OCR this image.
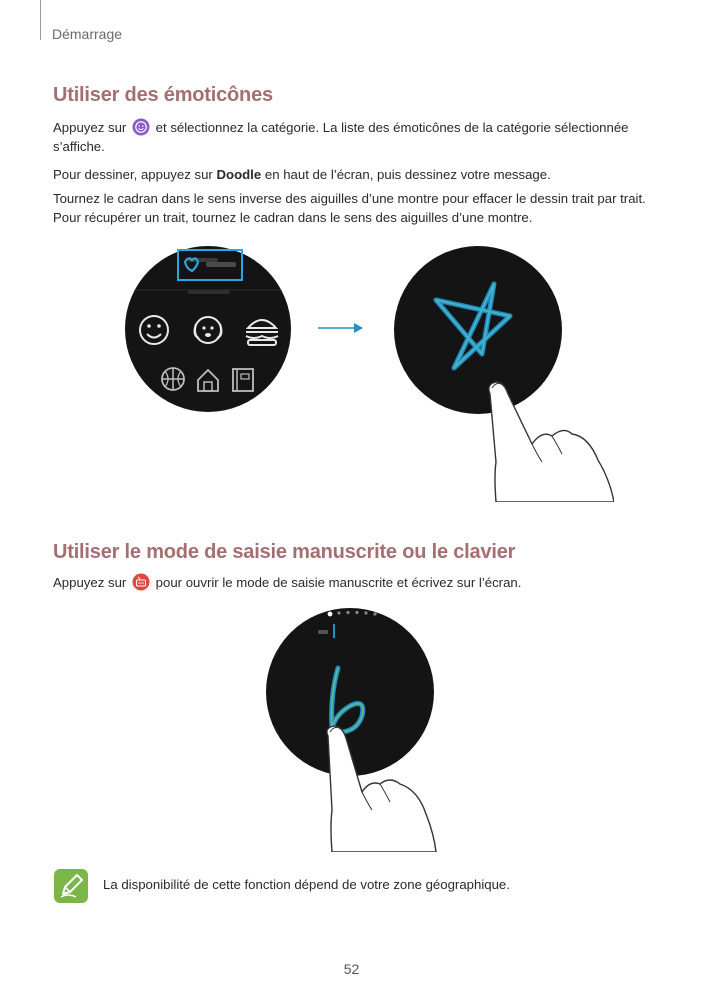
Démarrage
Utiliser des émoticônes
Appuyez sur et sélectionnez la catégorie. La liste des émoticônes de la catégorie sélectionnée s’affiche.
Pour dessiner, appuyez sur Doodle en haut de l’écran, puis dessinez votre message.
Tournez le cadran dans le sens inverse des aiguilles d’une montre pour effacer le dessin trait par trait. Pour récupérer un trait, tournez le cadran dans le sens des aiguilles d’une montre.
Utiliser le mode de saisie manuscrite ou le clavier
Appuyez sur pour ouvrir le mode de saisie manuscrite et écrivez sur l’écran.
La disponibilité de cette fonction dépend de votre zone géographique.
52
